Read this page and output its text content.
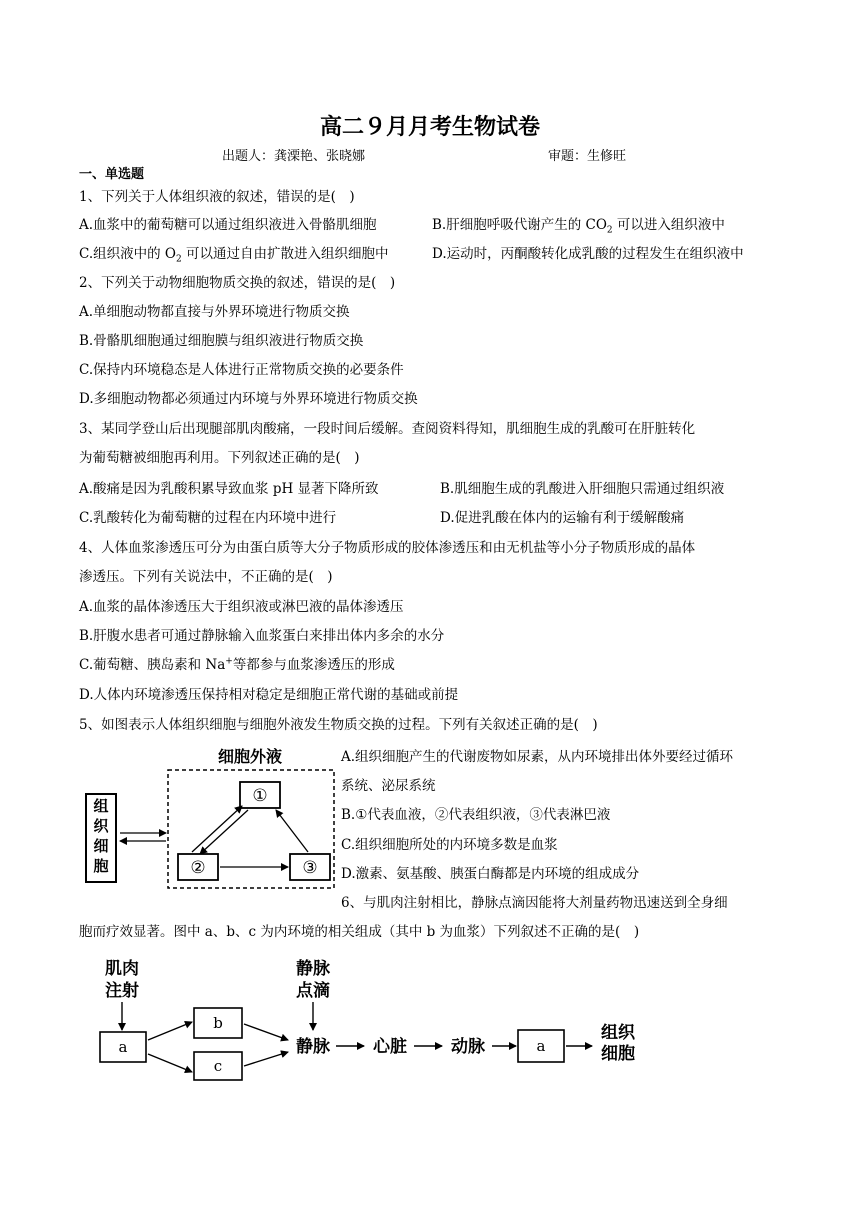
高二９月月考生物试卷
出题人：龚溧艳、张晓娜	审题：生修旺
一、单选题
1、下列关于人体组织液的叙述，错误的是(　)
A.血浆中的葡萄糖可以通过组织液进入骨骼肌细胞	B.肝细胞呼吸代谢产生的 $CO_2$ 可以进入组织液中
C.组织液中的 $O_2$ 可以通过自由扩散进入组织细胞中	D.运动时，丙酮酸转化成乳酸的过程发生在组织液中
2、下列关于动物细胞物质交换的叙述，错误的是(　)
A.单细胞动物都直接与外界环境进行物质交换
B.骨骼肌细胞通过细胞膜与组织液进行物质交换
C.保持内环境稳态是人体进行正常物质交换的必要条件
D.多细胞动物都必须通过内环境与外界环境进行物质交换
3、某同学登山后出现腿部肌肉酸痛，一段时间后缓解。查阅资料得知，肌细胞生成的乳酸可在肝脏转化
为葡萄糖被细胞再利用。下列叙述正确的是(　)
A.酸痛是因为乳酸积累导致血浆 pH 显著下降所致	B.肌细胞生成的乳酸进入肝细胞只需通过组织液
C.乳酸转化为葡萄糖的过程在内环境中进行	D.促进乳酸在体内的运输有利于缓解酸痛
4、人体血浆渗透压可分为由蛋白质等大分子物质形成的胶体渗透压和由无机盐等小分子物质形成的晶体
渗透压。下列有关说法中，不正确的是(　)
A.血浆的晶体渗透压大于组织液或淋巴液的晶体渗透压
B.肝腹水患者可通过静脉输入血浆蛋白来排出体内多余的水分
C.葡萄糖、胰岛素和 Na+等都参与血浆渗透压的形成
D.人体内环境渗透压保持相对稳定是细胞正常代谢的基础或前提
5、如图表示人体组织细胞与细胞外液发生物质交换的过程。下列有关叙述正确的是(　)
细胞外液
组
织
细
胞
①
②	③
A.组织细胞产生的代谢废物如尿素，从内环境排出体外要经过循环
系统、泌尿系统
B.①代表血液，②代表组织液，③代表淋巴液
C.组织细胞所处的内环境多数是血浆
D.激素、氨基酸、胰蛋白酶都是内环境的组成成分
6、与肌肉注射相比，静脉点滴因能将大剂量药物迅速送到全身细
胞而疗效显著。图中 a、b、c 为内环境的相关组成（其中 b 为血浆）下列叙述不正确的是(　)
肌肉
注射
a
b
c
静脉
点滴
静脉	心脏	动脉	a
组织
细胞
